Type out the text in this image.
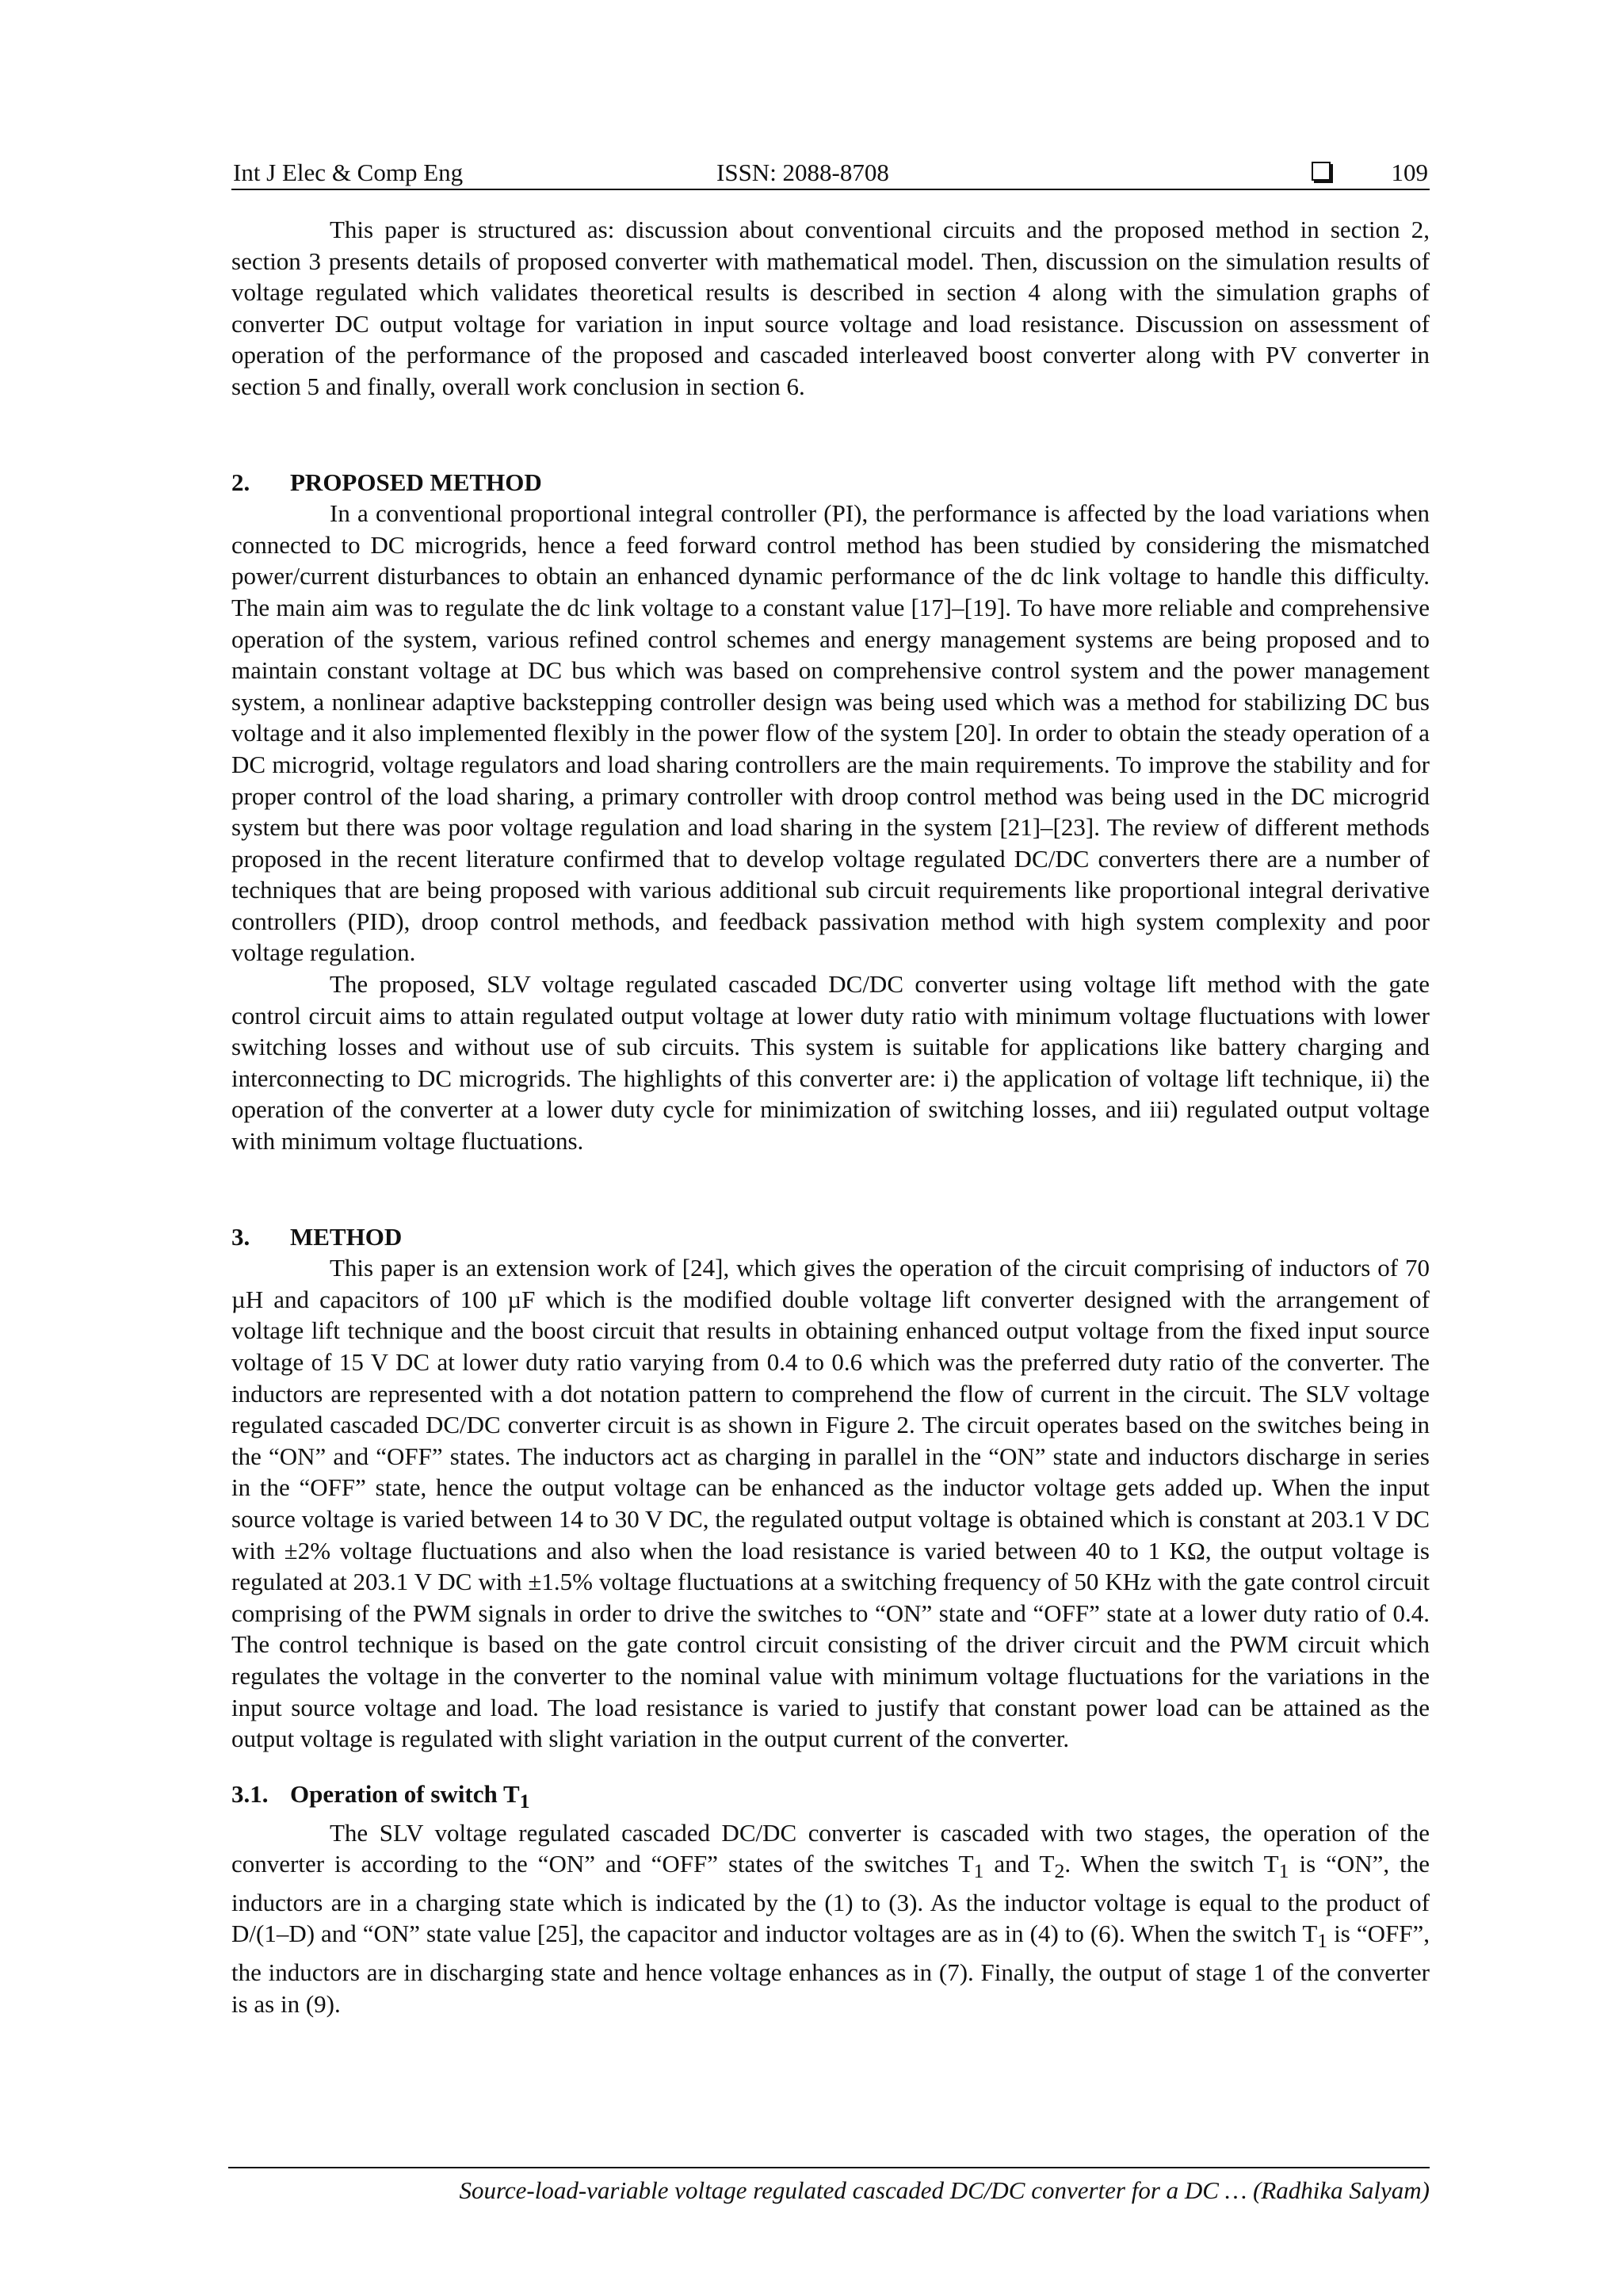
Int J Elec & Comp Eng	ISSN: 2088-8708	109

This paper is structured as: discussion about conventional circuits and the proposed method in section 2, section 3 presents details of proposed converter with mathematical model. Then, discussion on the simulation results of voltage regulated which validates theoretical results is described in section 4 along with the simulation graphs of converter DC output voltage for variation in input source voltage and load resistance. Discussion on assessment of operation of the performance of the proposed and cascaded interleaved boost converter along with PV converter in section 5 and finally, overall work conclusion in section 6.

2. PROPOSED METHOD

In a conventional proportional integral controller (PI), the performance is affected by the load variations when connected to DC microgrids, hence a feed forward control method has been studied by considering the mismatched power/current disturbances to obtain an enhanced dynamic performance of the dc link voltage to handle this difficulty. The main aim was to regulate the dc link voltage to a constant value [17]–[19]. To have more reliable and comprehensive operation of the system, various refined control schemes and energy management systems are being proposed and to maintain constant voltage at DC bus which was based on comprehensive control system and the power management system, a nonlinear adaptive backstepping controller design was being used which was a method for stabilizing DC bus voltage and it also implemented flexibly in the power flow of the system [20]. In order to obtain the steady operation of a DC microgrid, voltage regulators and load sharing controllers are the main requirements. To improve the stability and for proper control of the load sharing, a primary controller with droop control method was being used in the DC microgrid system but there was poor voltage regulation and load sharing in the system [21]–[23]. The review of different methods proposed in the recent literature confirmed that to develop voltage regulated DC/DC converters there are a number of techniques that are being proposed with various additional sub circuit requirements like proportional integral derivative controllers (PID), droop control methods, and feedback passivation method with high system complexity and poor voltage regulation.

The proposed, SLV voltage regulated cascaded DC/DC converter using voltage lift method with the gate control circuit aims to attain regulated output voltage at lower duty ratio with minimum voltage fluctuations with lower switching losses and without use of sub circuits. This system is suitable for applications like battery charging and interconnecting to DC microgrids. The highlights of this converter are: i) the application of voltage lift technique, ii) the operation of the converter at a lower duty cycle for minimization of switching losses, and iii) regulated output voltage with minimum voltage fluctuations.

3. METHOD

This paper is an extension work of [24], which gives the operation of the circuit comprising of inductors of 70 µH and capacitors of 100 µF which is the modified double voltage lift converter designed with the arrangement of voltage lift technique and the boost circuit that results in obtaining enhanced output voltage from the fixed input source voltage of 15 V DC at lower duty ratio varying from 0.4 to 0.6 which was the preferred duty ratio of the converter. The inductors are represented with a dot notation pattern to comprehend the flow of current in the circuit. The SLV voltage regulated cascaded DC/DC converter circuit is as shown in Figure 2. The circuit operates based on the switches being in the “ON” and “OFF” states. The inductors act as charging in parallel in the “ON” state and inductors discharge in series in the “OFF” state, hence the output voltage can be enhanced as the inductor voltage gets added up. When the input source voltage is varied between 14 to 30 V DC, the regulated output voltage is obtained which is constant at 203.1 V DC with ±2% voltage fluctuations and also when the load resistance is varied between 40 to 1 KΩ, the output voltage is regulated at 203.1 V DC with ±1.5% voltage fluctuations at a switching frequency of 50 KHz with the gate control circuit comprising of the PWM signals in order to drive the switches to “ON” state and “OFF” state at a lower duty ratio of 0.4. The control technique is based on the gate control circuit consisting of the driver circuit and the PWM circuit which regulates the voltage in the converter to the nominal value with minimum voltage fluctuations for the variations in the input source voltage and load. The load resistance is varied to justify that constant power load can be attained as the output voltage is regulated with slight variation in the output current of the converter.

3.1. Operation of switch $T_1$

The SLV voltage regulated cascaded DC/DC converter is cascaded with two stages, the operation of the converter is according to the “ON” and “OFF” states of the switches $T_1$ and $T_2$. When the switch $T_1$ is “ON”, the inductors are in a charging state which is indicated by the (1) to (3). As the inductor voltage is equal to the product of D/(1–D) and “ON” state value [25], the capacitor and inductor voltages are as in (4) to (6). When the switch $T_1$ is “OFF”, the inductors are in discharging state and hence voltage enhances as in (7). Finally, the output of stage 1 of the converter is as in (9).

Source-load-variable voltage regulated cascaded DC/DC converter for a DC … (Radhika Salyam)
